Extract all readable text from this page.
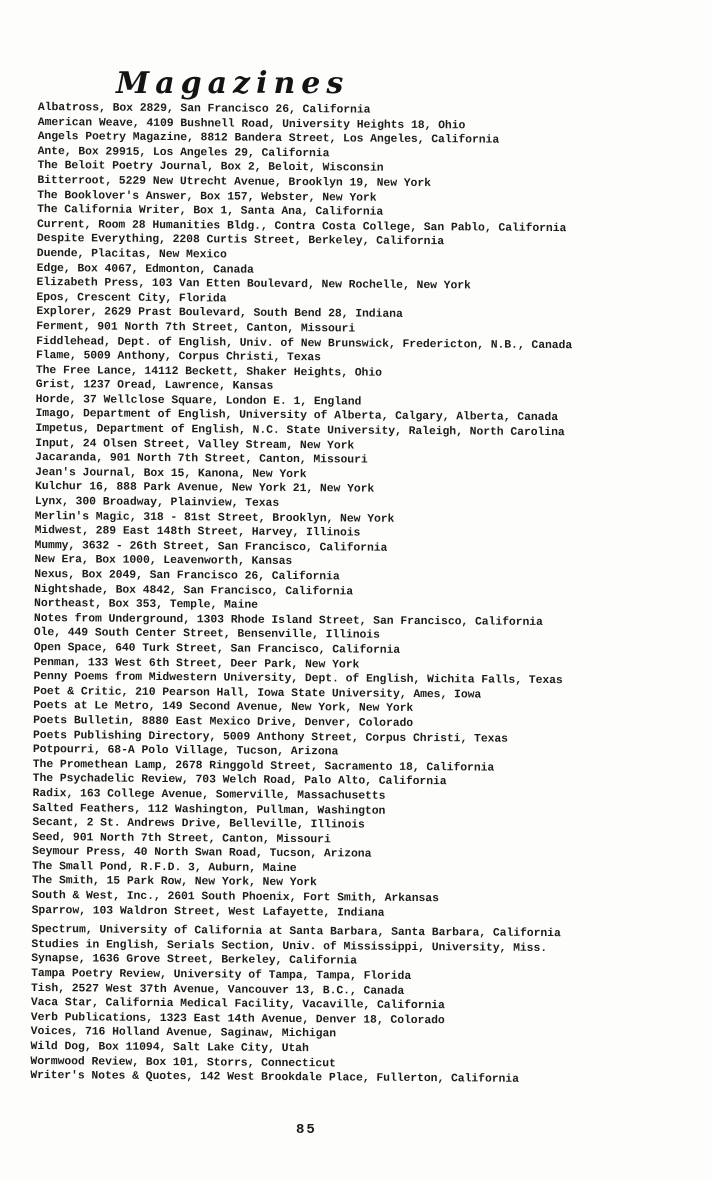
Magazines
Albatross, Box 2829, San Francisco 26, California
American Weave, 4109 Bushnell Road, University Heights 18, Ohio
Angels Poetry Magazine, 8812 Bandera Street, Los Angeles, California
Ante, Box 29915, Los Angeles 29, California
The Beloit Poetry Journal, Box 2, Beloit, Wisconsin
Bitterroot, 5229 New Utrecht Avenue, Brooklyn 19, New York
The Booklover's Answer, Box 157, Webster, New York
The California Writer, Box 1, Santa Ana, California
Current, Room 28 Humanities Bldg., Contra Costa College, San Pablo, California
Despite Everything, 2208 Curtis Street, Berkeley, California
Duende, Placitas, New Mexico
Edge, Box 4067, Edmonton, Canada
Elizabeth Press, 103 Van Etten Boulevard, New Rochelle, New York
Epos, Crescent City, Florida
Explorer, 2629 Prast Boulevard, South Bend 28, Indiana
Ferment, 901 North 7th Street, Canton, Missouri
Fiddlehead, Dept. of English, Univ. of New Brunswick, Fredericton, N.B., Canada
Flame, 5009 Anthony, Corpus Christi, Texas
The Free Lance, 14112 Beckett, Shaker Heights, Ohio
Grist, 1237 Oread, Lawrence, Kansas
Horde, 37 Wellclose Square, London E. 1, England
Imago, Department of English, University of Alberta, Calgary, Alberta, Canada
Impetus, Department of English, N.C. State University, Raleigh, North Carolina
Input, 24 Olsen Street, Valley Stream, New York
Jacaranda, 901 North 7th Street, Canton, Missouri
Jean's Journal, Box 15, Kanona, New York
Kulchur 16, 888 Park Avenue, New York 21, New York
Lynx, 300 Broadway, Plainview, Texas
Merlin's Magic, 318 - 81st Street, Brooklyn, New York
Midwest, 289 East 148th Street, Harvey, Illinois
Mummy, 3632 - 26th Street, San Francisco, California
New Era, Box 1000, Leavenworth, Kansas
Nexus, Box 2049, San Francisco 26, California
Nightshade, Box 4842, San Francisco, California
Northeast, Box 353, Temple, Maine
Notes from Underground, 1303 Rhode Island Street, San Francisco, California
Ole, 449 South Center Street, Bensenville, Illinois
Open Space, 640 Turk Street, San Francisco, California
Penman, 133 West 6th Street, Deer Park, New York
Penny Poems from Midwestern University, Dept. of English, Wichita Falls, Texas
Poet & Critic, 210 Pearson Hall, Iowa State University, Ames, Iowa
Poets at Le Metro, 149 Second Avenue, New York, New York
Poets Bulletin, 8880 East Mexico Drive, Denver, Colorado
Poets Publishing Directory, 5009 Anthony Street, Corpus Christi, Texas
Potpourri, 68-A Polo Village, Tucson, Arizona
The Promethean Lamp, 2678 Ringgold Street, Sacramento 18, California
The Psychadelic Review, 703 Welch Road, Palo Alto, California
Radix, 163 College Avenue, Somerville, Massachusetts
Salted Feathers, 112 Washington, Pullman, Washington
Secant, 2 St. Andrews Drive, Belleville, Illinois
Seed, 901 North 7th Street, Canton, Missouri
Seymour Press, 40 North Swan Road, Tucson, Arizona
The Small Pond, R.F.D. 3, Auburn, Maine
The Smith, 15 Park Row, New York, New York
South & West, Inc., 2601 South Phoenix, Fort Smith, Arkansas
Sparrow, 103 Waldron Street, West Lafayette, Indiana
Spectrum, University of California at Santa Barbara, Santa Barbara, California
Studies in English, Serials Section, Univ. of Mississippi, University, Miss.
Synapse, 1636 Grove Street, Berkeley, California
Tampa Poetry Review, University of Tampa, Tampa, Florida
Tish, 2527 West 37th Avenue, Vancouver 13, B.C., Canada
Vaca Star, California Medical Facility, Vacaville, California
Verb Publications, 1323 East 14th Avenue, Denver 18, Colorado
Voices, 716 Holland Avenue, Saginaw, Michigan
Wild Dog, Box 11094, Salt Lake City, Utah
Wormwood Review, Box 101, Storrs, Connecticut
Writer's Notes & Quotes, 142 West Brookdale Place, Fullerton, California
85
